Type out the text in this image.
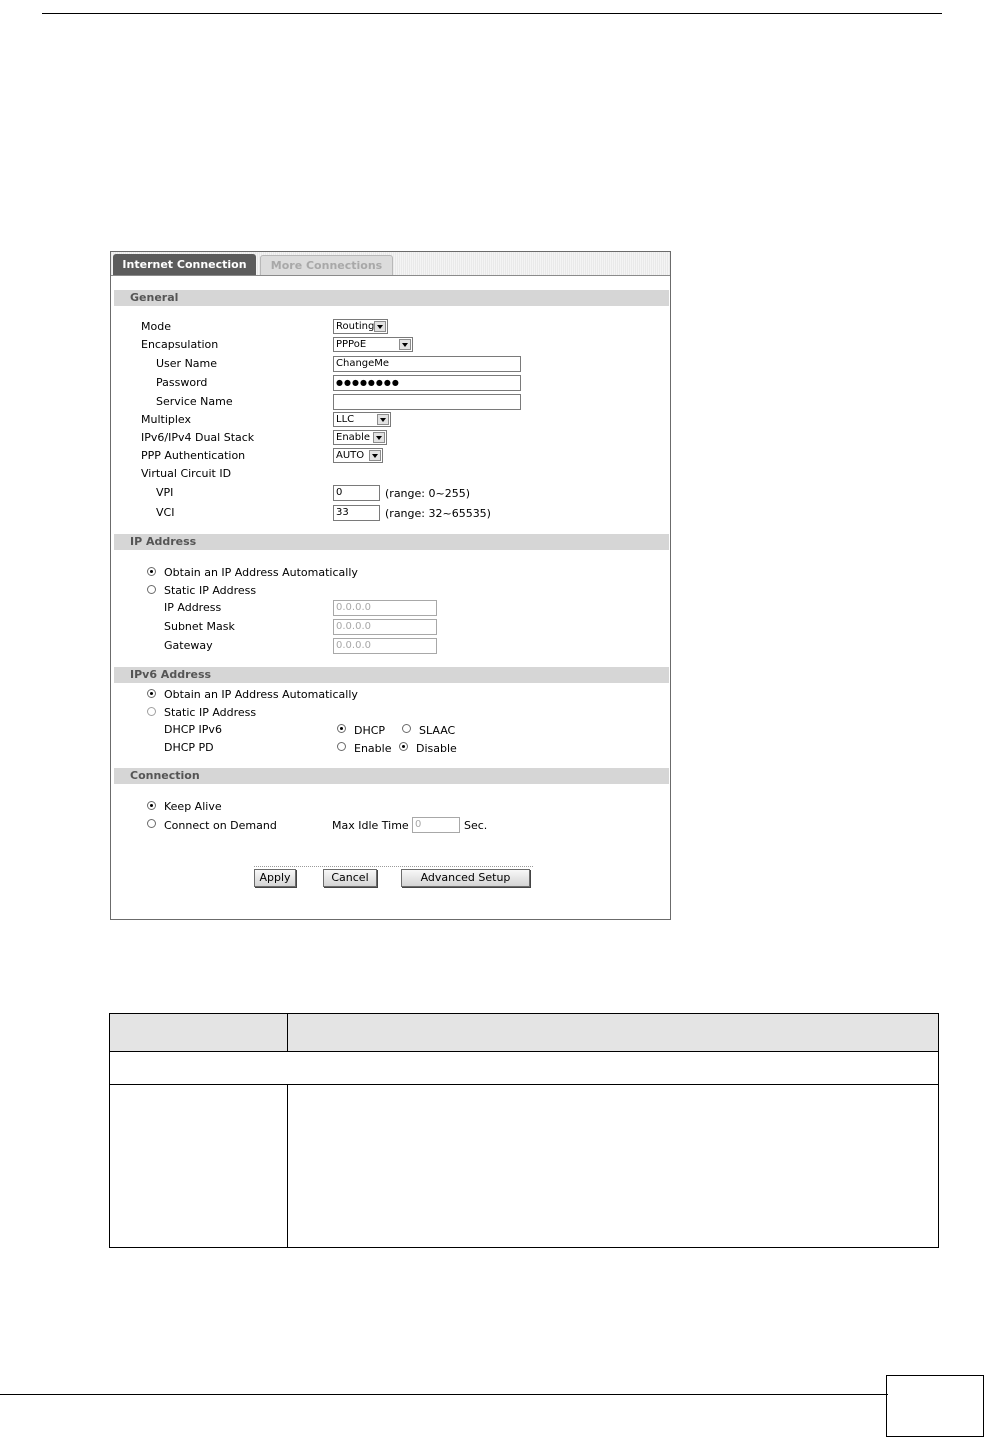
Internet Connection	More Connections
General
Mode	Routing
Encapsulation	PPPoE
User Name	ChangeMe
Password	●●●●●●●●
Service Name
Multiplex	LLC
IPv6/IPv4 Dual Stack	Enable
PPP Authentication	AUTO
Virtual Circuit ID
VPI	0	(range: 0~255)
VCI	33	(range: 32~65535)
IP Address
Obtain an IP Address Automatically
Static IP Address
IP Address	0.0.0.0
Subnet Mask	0.0.0.0
Gateway	0.0.0.0
IPv6 Address
Obtain an IP Address Automatically
Static IP Address
DHCP IPv6	DHCP	SLAAC
DHCP PD	Enable Disable
Connection
Keep Alive
Connect on Demand	Max Idle Time 0	Sec.
Apply	Cancel	Advanced Setup
